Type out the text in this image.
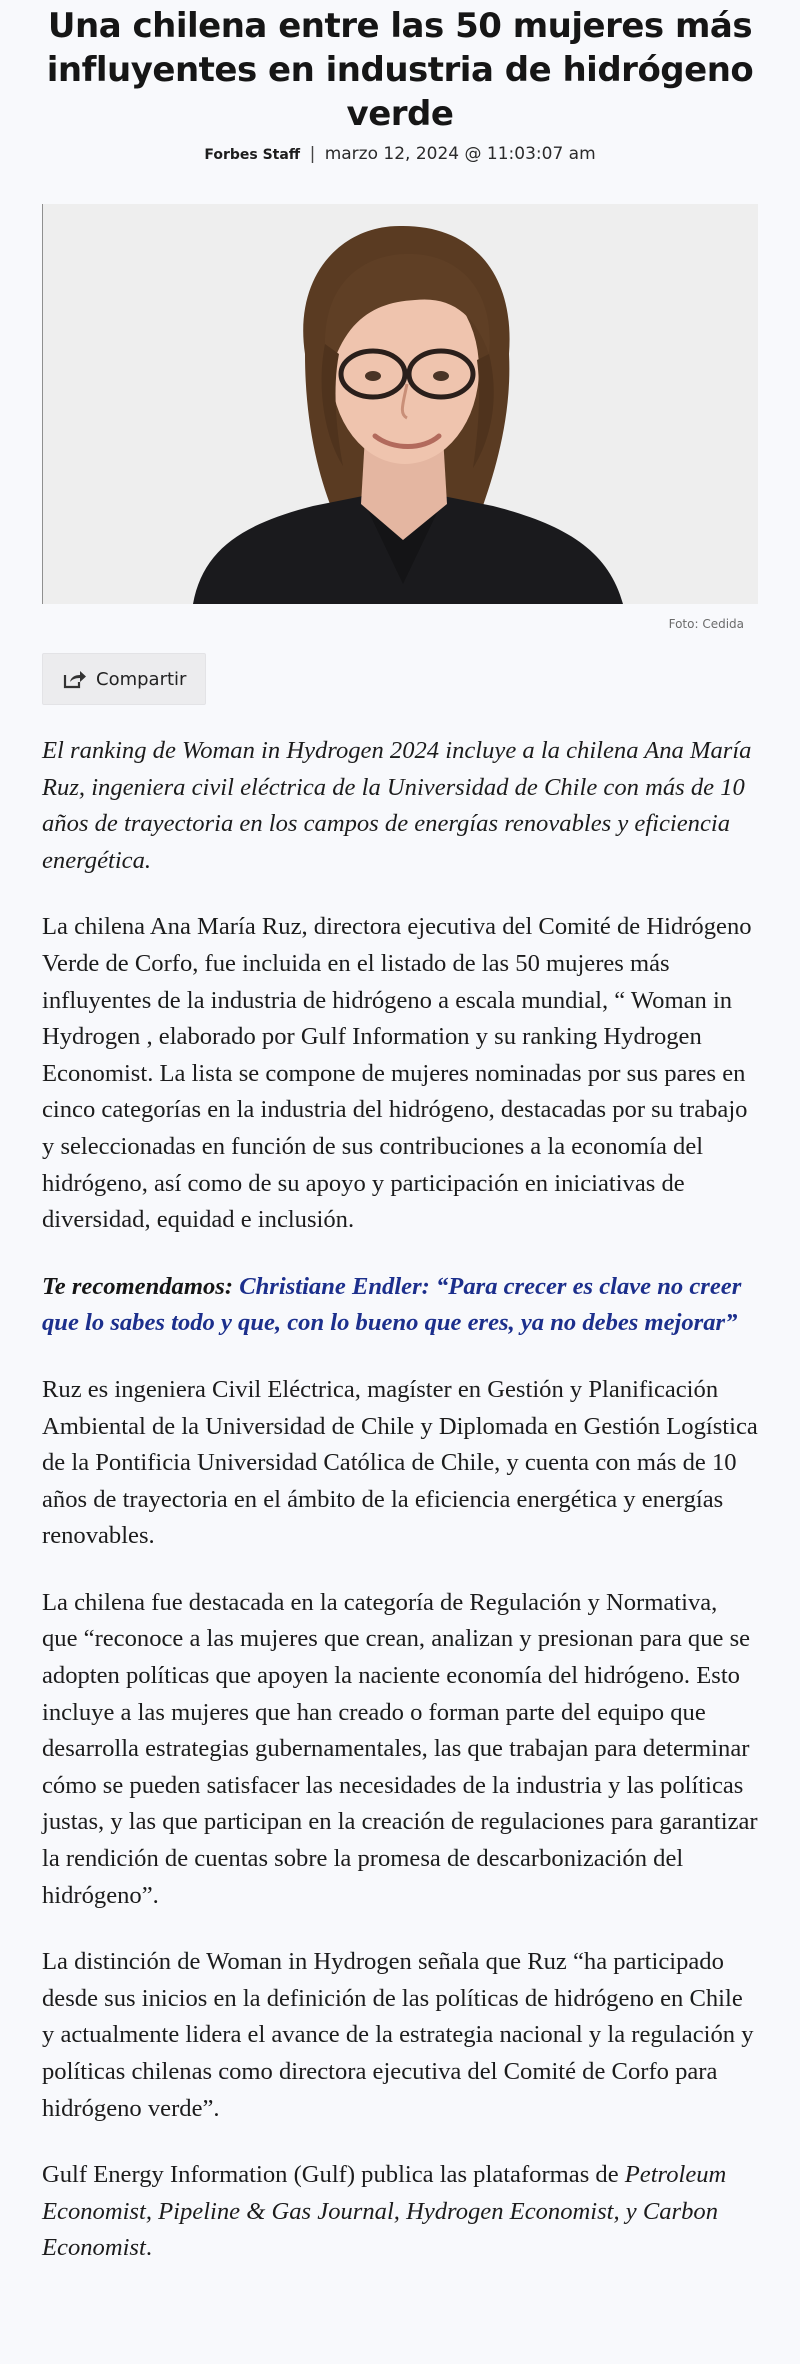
Una chilena entre las 50 mujeres más influyentes en industria de hidrógeno verde
Forbes Staff | marzo 12, 2024 @ 11:03:07 am
Foto: Cedida
Compartir

El ranking de Woman in Hydrogen 2024 incluye a la chilena Ana María Ruz, ingeniera civil eléctrica de la Universidad de Chile con más de 10 años de trayectoria en los campos de energías renovables y eficiencia energética.

La chilena Ana María Ruz, directora ejecutiva del Comité de Hidrógeno Verde de Corfo, fue incluida en el listado de las 50 mujeres más influyentes de la industria de hidrógeno a escala mundial, “ Woman in Hydrogen , elaborado por Gulf Information y su ranking Hydrogen Economist. La lista se compone de mujeres nominadas por sus pares en cinco categorías en la industria del hidrógeno, destacadas por su trabajo y seleccionadas en función de sus contribuciones a la economía del hidrógeno, así como de su apoyo y participación en iniciativas de diversidad, equidad e inclusión.

Te recomendamos: Christiane Endler: “Para crecer es clave no creer que lo sabes todo y que, con lo bueno que eres, ya no debes mejorar”

Ruz es ingeniera Civil Eléctrica, magíster en Gestión y Planificación Ambiental de la Universidad de Chile y Diplomada en Gestión Logística de la Pontificia Universidad Católica de Chile, y cuenta con más de 10 años de trayectoria en el ámbito de la eficiencia energética y energías renovables.

La chilena fue destacada en la categoría de Regulación y Normativa, que “reconoce a las mujeres que crean, analizan y presionan para que se adopten políticas que apoyen la naciente economía del hidrógeno. Esto incluye a las mujeres que han creado o forman parte del equipo que desarrolla estrategias gubernamentales, las que trabajan para determinar cómo se pueden satisfacer las necesidades de la industria y las políticas justas, y las que participan en la creación de regulaciones para garantizar la rendición de cuentas sobre la promesa de descarbonización del hidrógeno”.

La distinción de Woman in Hydrogen señala que Ruz “ha participado desde sus inicios en la definición de las políticas de hidrógeno en Chile y actualmente lidera el avance de la estrategia nacional y la regulación y políticas chilenas como directora ejecutiva del Comité de Corfo para hidrógeno verde”.

Gulf Energy Information (Gulf) publica las plataformas de Petroleum Economist, Pipeline & Gas Journal, Hydrogen Economist, y Carbon Economist.
